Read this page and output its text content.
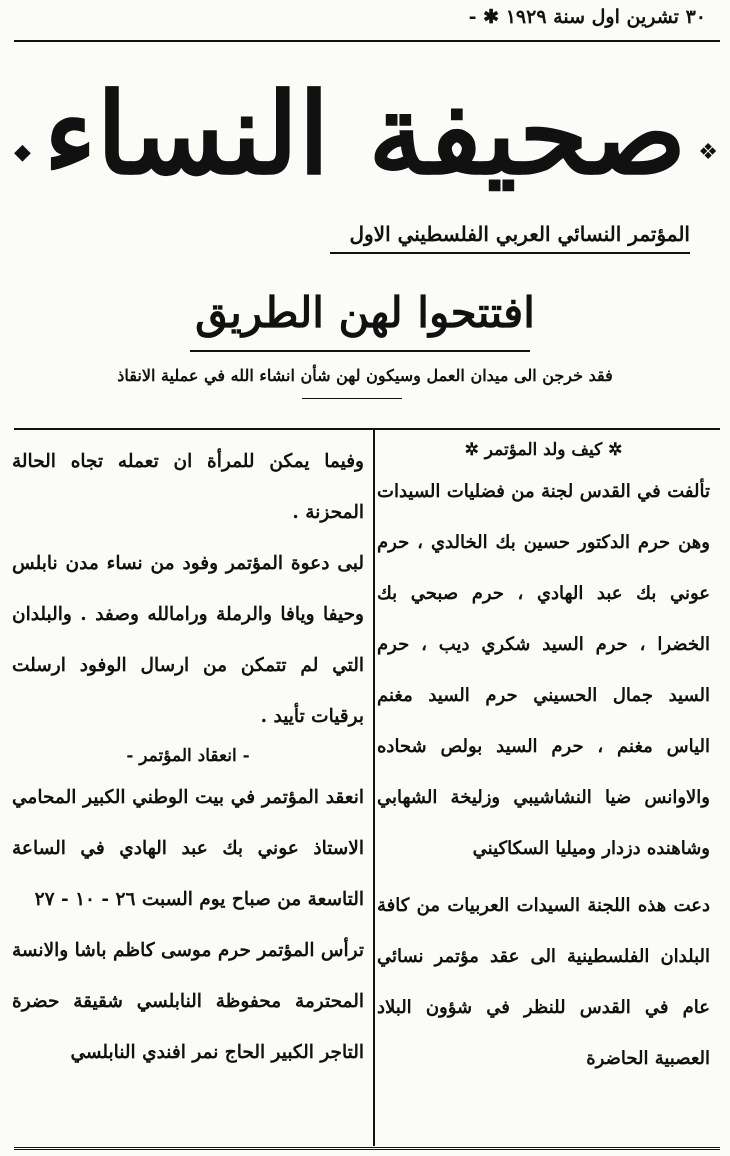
۳۰ تشرين اول سنة ۱۹۲۹ ✱ -
صحيفة النساء ❖
◆
المؤتمر النسائي العربي الفلسطيني الاول
افتتحوا لهن الطريق
فقد خرجن الى ميدان العمل وسيكون لهن شأن انشاء الله في عملية الانقاذ
✲ كيف ولد المؤتمر ✲

تألفت في القدس لجنة من فضليات السيدات وهن حرم الدكتور حسين بك الخالدي ، حرم عوني بك عبد الهادي ، حرم صبحي بك الخضرا ، حرم السيد شكري ديب ، حرم السيد جمال الحسيني حرم السيد مغنم الياس مغنم ، حرم السيد بولص شحاده والاوانس ضيا النشاشيبي وزليخة الشهابي وشاهنده دزدار وميليا السكاكيني

دعت هذه اللجنة السيدات العربيات من كافة البلدان الفلسطينية الى عقد مؤتمر نسائي عام في القدس للنظر في شؤون البلاد العصبية الحاضرة

وفيما يمكن للمرأة ان تعمله تجاه الحالة المحزنة .

لبى دعوة المؤتمر وفود من نساء مدن نابلس وحيفا ويافا والرملة ورامالله وصفد . والبلدان التي لم تتمكن من ارسال الوفود ارسلت برقيات تأييد .

- انعقاد المؤتمر -

انعقد المؤتمر في بيت الوطني الكبير المحامي الاستاذ عوني بك عبد الهادي في الساعة التاسعة من صباح يوم السبت ۲٦ - ۱۰ - ۲۷

ترأس المؤتمر حرم موسى كاظم باشا والانسة المحترمة محفوظة النابلسي شقيقة حضرة التاجر الكبير الحاج نمر افندي النابلسي
